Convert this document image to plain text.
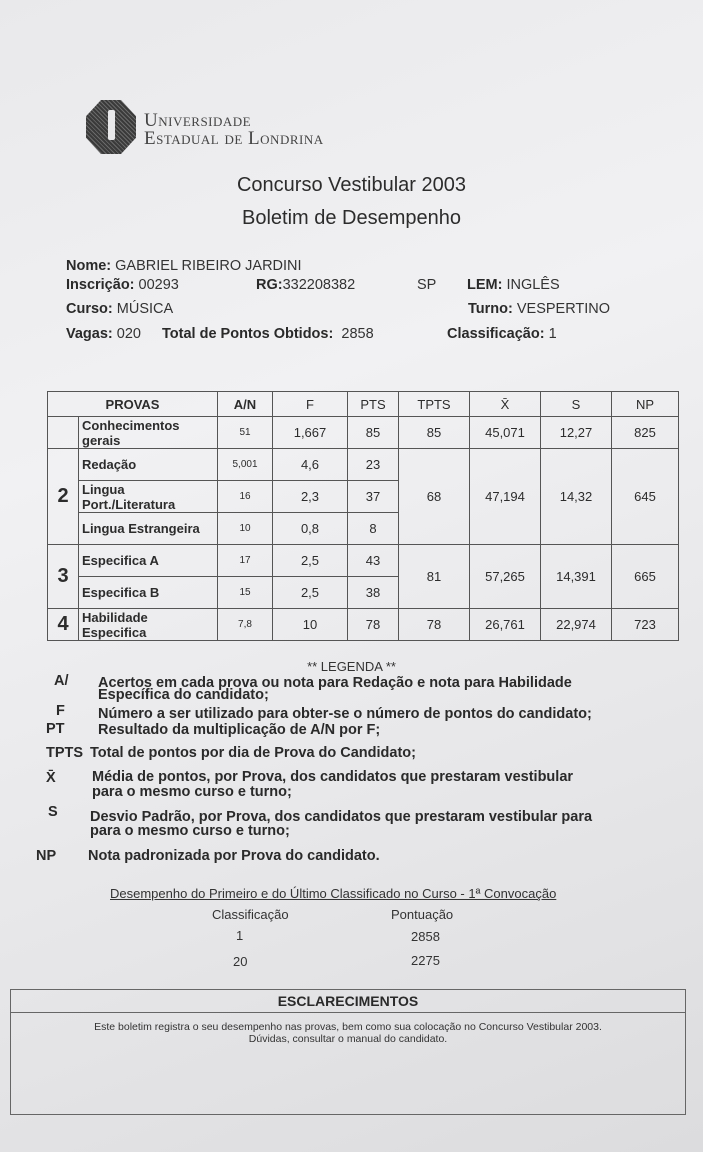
Universidade
Estadual de Londrina
Concurso Vestibular 2003
Boletim de Desempenho
Nome: GABRIEL RIBEIRO JARDINI
Inscrição: 00293	RG:332208382	SP LEM: INGLÊS
Curso: MÚSICA	Turno: VESPERTINO
Vagas: 020 Total de Pontos Obtidos: 2858	Classificação: 1
PROVAS		A/N	F	PTS	TPTS	X̄	S	NP
	Conhecimentos gerais	51	1,667	85	85	45,071	12,27	825
2	Redação	5,001	4,6	23	68	47,194	14,32	645
	Lingua Port./Literatura	16	2,3	37				
	Lingua Estrangeira	10	0,8	8				
3	Especifica A	17	2,5	43	81	57,265	14,391	665
	Especifica B	15	2,5	38				
4	Habilidade Especifica	7,8	10	78	78	26,761	22,974	723
** LEGENDA **
A/ Acertos em cada prova ou nota para Redação e nota para Habilidade
Específica do candidato;
F Número a ser utilizado para obter-se o número de pontos do candidato;
PT Resultado da multiplicação de A/N por F;
TPTS Total de pontos por dia de Prova do Candidato;
X̄	Média de pontos, por Prova, dos candidatos que prestaram vestibular
para o mesmo curso e turno;
S Desvio Padrão, por Prova, dos candidatos que prestaram vestibular para
para o mesmo curso e turno;
NP Nota padronizada por Prova do candidato.
Desempenho do Primeiro e do Último Classificado no Curso - 1ª Convocação
Classificação	Pontuação
1	2858
20	2275
ESCLARECIMENTOS
Este boletim registra o seu desempenho nas provas, bem como sua colocação no Concurso Vestibular 2003.
Dúvidas, consultar o manual do candidato.
